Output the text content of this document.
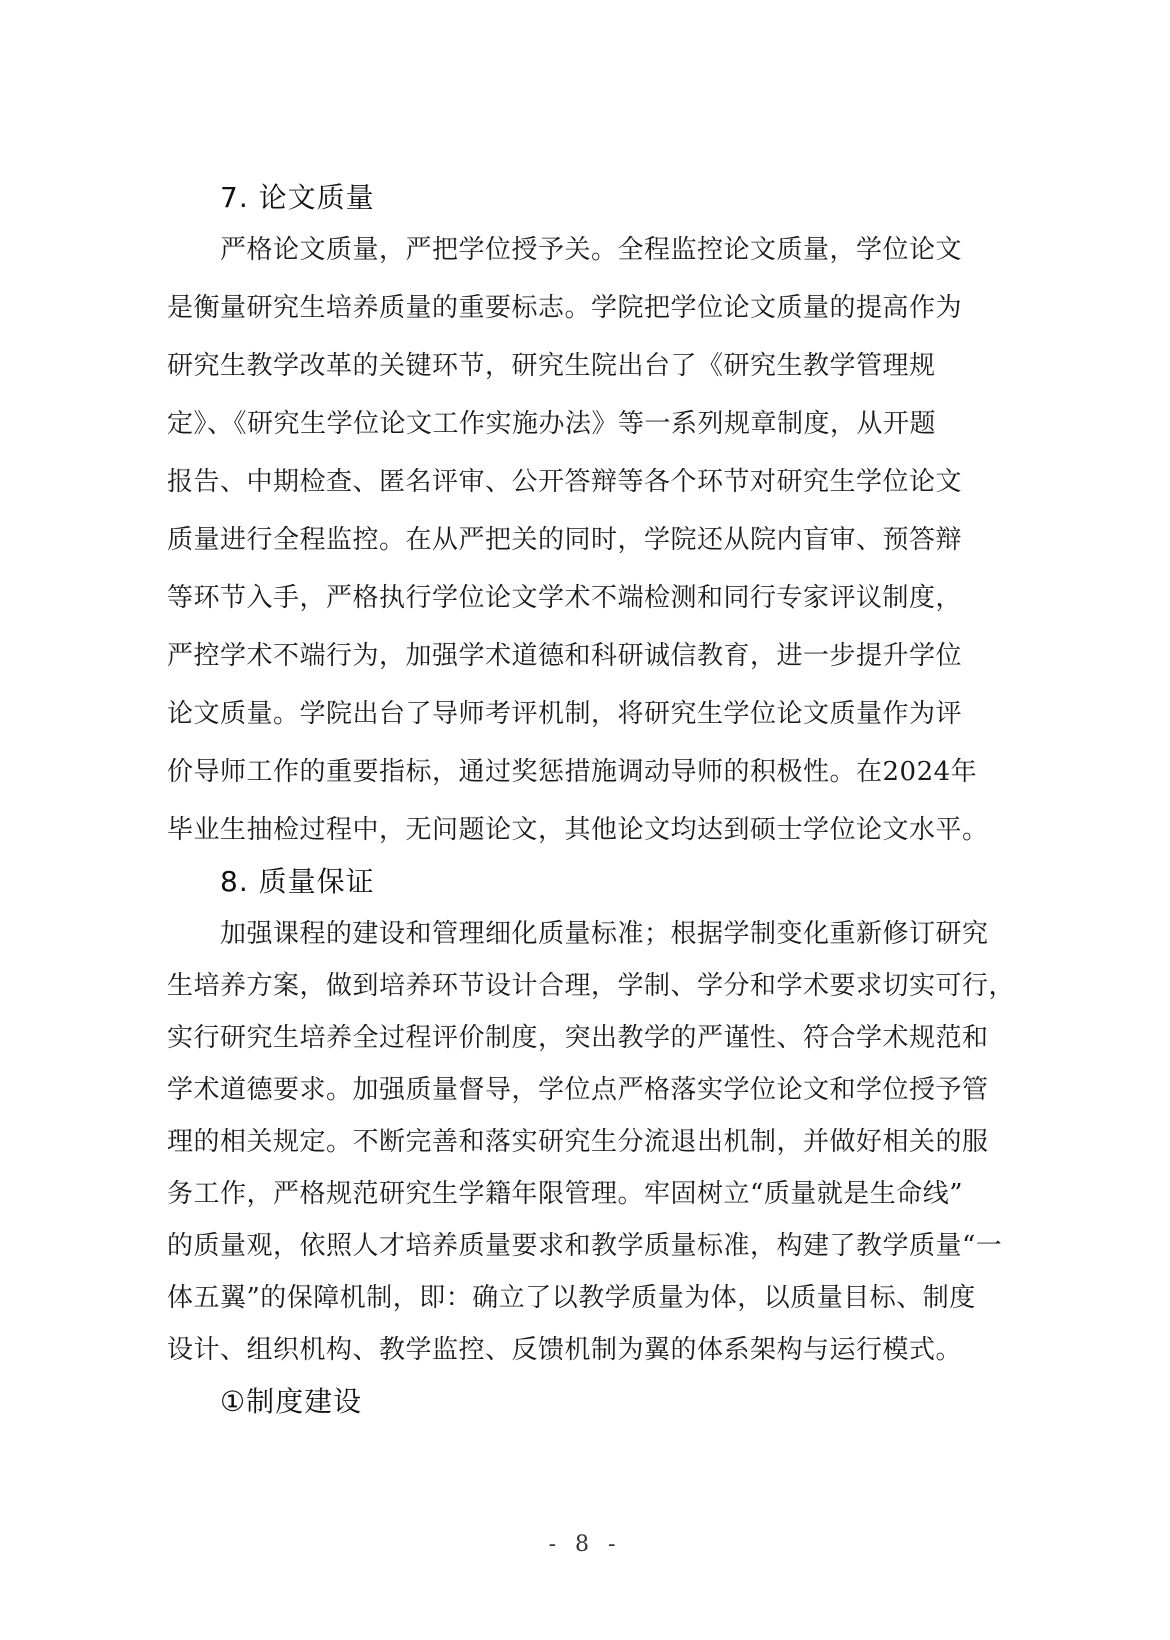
7. 论文质量
严格论文质量，严把学位授予关。全程监控论文质量，学位论文
是衡量研究生培养质量的重要标志。学院把学位论文质量的提高作为
研究生教学改革的关键环节，研究生院出台了《研究生教学管理规
定》、《研究生学位论文工作实施办法》等一系列规章制度，从开题
报告、中期检查、匿名评审、公开答辩等各个环节对研究生学位论文
质量进行全程监控。在从严把关的同时，学院还从院内盲审、预答辩
等环节入手，严格执行学位论文学术不端检测和同行专家评议制度，
严控学术不端行为，加强学术道德和科研诚信教育，进一步提升学位
论文质量。学院出台了导师考评机制，将研究生学位论文质量作为评
价导师工作的重要指标，通过奖惩措施调动导师的积极性。在2024年
毕业生抽检过程中，无问题论文，其他论文均达到硕士学位论文水平。
8. 质量保证
加强课程的建设和管理细化质量标准；根据学制变化重新修订研究
生培养方案，做到培养环节设计合理，学制、学分和学术要求切实可行，
实行研究生培养全过程评价制度，突出教学的严谨性、符合学术规范和
学术道德要求。加强质量督导，学位点严格落实学位论文和学位授予管
理的相关规定。不断完善和落实研究生分流退出机制，并做好相关的服
务工作，严格规范研究生学籍年限管理。牢固树立“质量就是生命线”
的质量观，依照人才培养质量要求和教学质量标准，构建了教学质量“一
体五翼”的保障机制，即：确立了以教学质量为体，以质量目标、制度
设计、组织机构、教学监控、反馈机制为翼的体系架构与运行模式。
①制度建设
- 8 -
